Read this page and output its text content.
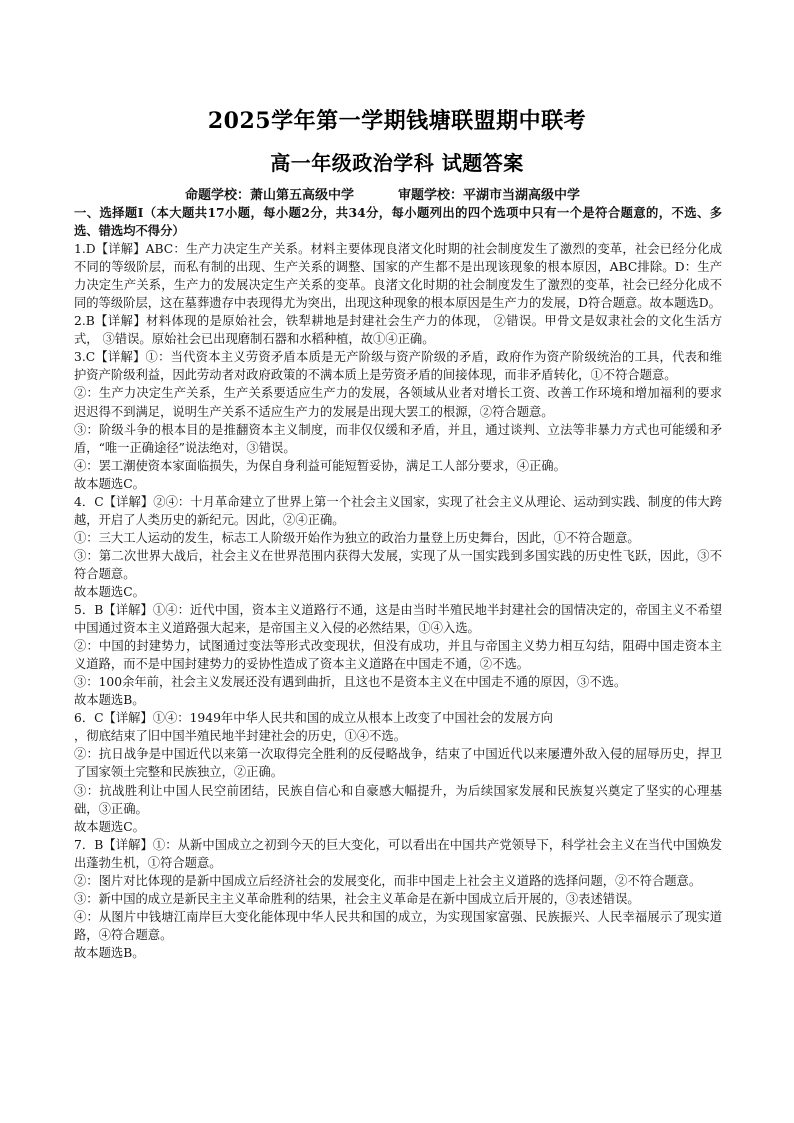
2025学年第一学期钱塘联盟期中联考
高一年级政治学科 试题答案
命题学校：萧山第五高级中学	审题学校：平湖市当湖高级中学

一、选择题Ⅰ（本大题共17小题，每小题2分，共34分，每小题列出的四个选项中只有一个是符合题意的，不选、多选、错选均不得分）

1.D【详解】ABC：生产力决定生产关系。材料主要体现良渚文化时期的社会制度发生了激烈的变革，社会已经分化成不同的等级阶层，而私有制的出现、生产关系的调整、国家的产生都不是出现该现象的根本原因，ABC排除。D：生产力决定生产关系，生产力的发展决定生产关系的变革。良渚文化时期的社会制度发生了激烈的变革，社会已经分化成不同的等级阶层，这在墓葬遗存中表现得尤为突出，出现这种现象的根本原因是生产力的发展，D符合题意。故本题选D。

2.B【详解】材料体现的是原始社会，铁犁耕地是封建社会生产力的体现， ②错误。甲骨文是奴隶社会的文化生活方式， ③错误。原始社会已出现磨制石器和水稻种植，故①④正确。

3.C【详解】①：当代资本主义劳资矛盾本质是无产阶级与资产阶级的矛盾，政府作为资产阶级统治的工具，代表和维护资产阶级利益，因此劳动者对政府政策的不满本质上是劳资矛盾的间接体现，而非矛盾转化，①不符合题意。

②：生产力决定生产关系，生产关系要适应生产力的发展，各领域从业者对增长工资、改善工作环境和增加福利的要求迟迟得不到满足，说明生产关系不适应生产力的发展是出现大罢工的根源，②符合题意。

③：阶级斗争的根本目的是推翻资本主义制度，而非仅仅缓和矛盾，并且，通过谈判、立法等非暴力方式也可能缓和矛盾，“唯一正确途径”说法绝对，③错误。

④：罢工潮使资本家面临损失，为保自身利益可能短暂妥协，满足工人部分要求，④正确。

故本题选C。

4．C【详解】②④：十月革命建立了世界上第一个社会主义国家，实现了社会主义从理论、运动到实践、制度的伟大跨越，开启了人类历史的新纪元。因此，②④正确。

①：三大工人运动的发生，标志工人阶级开始作为独立的政治力量登上历史舞台，因此，①不符合题意。

③：第二次世界大战后，社会主义在世界范围内获得大发展，实现了从一国实践到多国实践的历史性飞跃，因此，③不符合题意。

故本题选C。

5．B【详解】①④：近代中国，资本主义道路行不通，这是由当时半殖民地半封建社会的国情决定的，帝国主义不希望中国通过资本主义道路强大起来，是帝国主义入侵的必然结果，①④入选。

②：中国的封建势力，试图通过变法等形式改变现状，但没有成功，并且与帝国主义势力相互勾结，阻碍中国走资本主义道路，而不是中国封建势力的妥协性造成了资本主义道路在中国走不通，②不选。

③：100余年前，社会主义发展还没有遇到曲折，且这也不是资本主义在中国走不通的原因，③不选。

故本题选B。

6．C【详解】①④：1949年中华人民共和国的成立从根本上改变了中国社会的发展方向

，彻底结束了旧中国半殖民地半封建社会的历史，①④不选。

②：抗日战争是中国近代以来第一次取得完全胜利的反侵略战争，结束了中国近代以来屡遭外敌入侵的屈辱历史，捍卫了国家领土完整和民族独立，②正确。

③：抗战胜利让中国人民空前团结，民族自信心和自豪感大幅提升，为后续国家发展和民族复兴奠定了坚实的心理基础，③正确。

故本题选C。

7．B【详解】①：从新中国成立之初到今天的巨大变化，可以看出在中国共产党领导下，科学社会主义在当代中国焕发出蓬勃生机，①符合题意。

②：图片对比体现的是新中国成立后经济社会的发展变化，而非中国走上社会主义道路的选择问题，②不符合题意。

③：新中国的成立是新民主主义革命胜利的结果，社会主义革命是在新中国成立后开展的，③表述错误。

④：从图片中钱塘江南岸巨大变化能体现中华人民共和国的成立，为实现国家富强、民族振兴、人民幸福展示了现实道路，④符合题意。

故本题选B。
